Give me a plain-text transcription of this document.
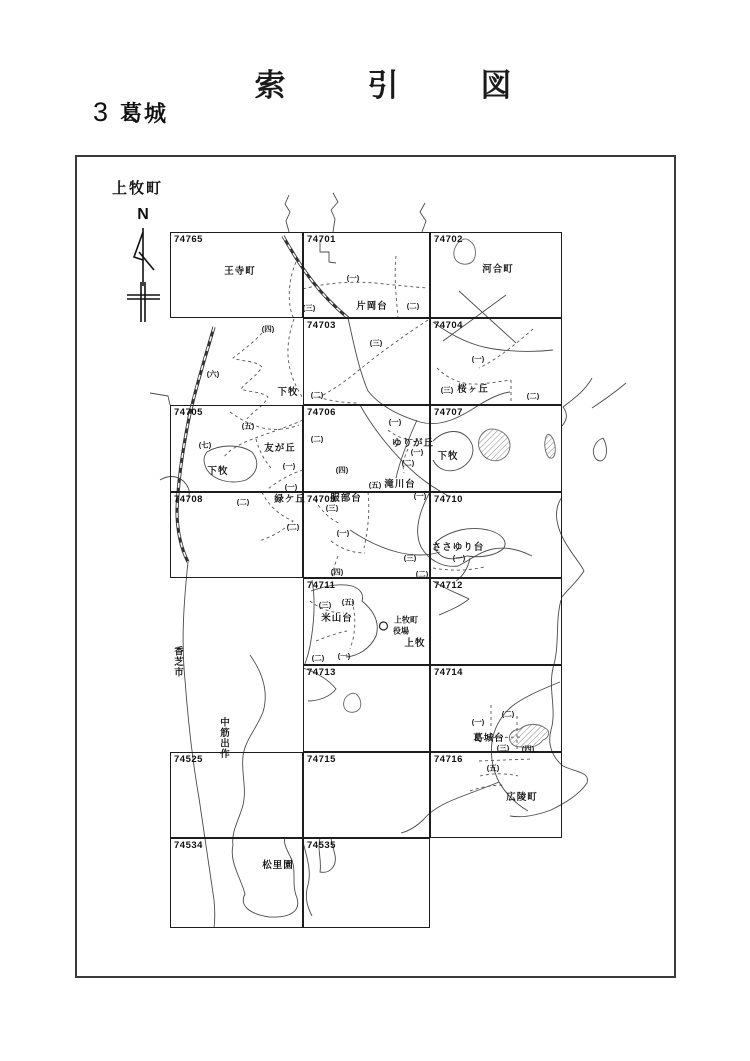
索	引	図
3 葛城
上牧町
N
74765	74701	74702
74703	74704
74705	74706	74707
74708	74709	74710
74711	74712
74713	74714
74525	74715	74716
74534	74535
王寺町
(一)
(三)	片岡台	(二)
河合町
(四)
(六)
下牧
(三)
(二)
(一)
(三) 桜ヶ丘
(二)
(五)
(七)	友が丘
下牧	(一)
(一)
(二)
(一)
ゆりが丘
(一)
(二)
(四)
(五) 滝川台
下牧
(二)	緑ケ丘
(二)
服部台
(三)
(一)
(四)
(一)
ささゆり台
(一)
(三)
(二)
(三) (五)
米山台
(二) (一)
上牧町
役場
上牧
(一)
(二)
葛城台
(三) (四)
(五)
広陵町
松里園
香芝市
中筋出作
